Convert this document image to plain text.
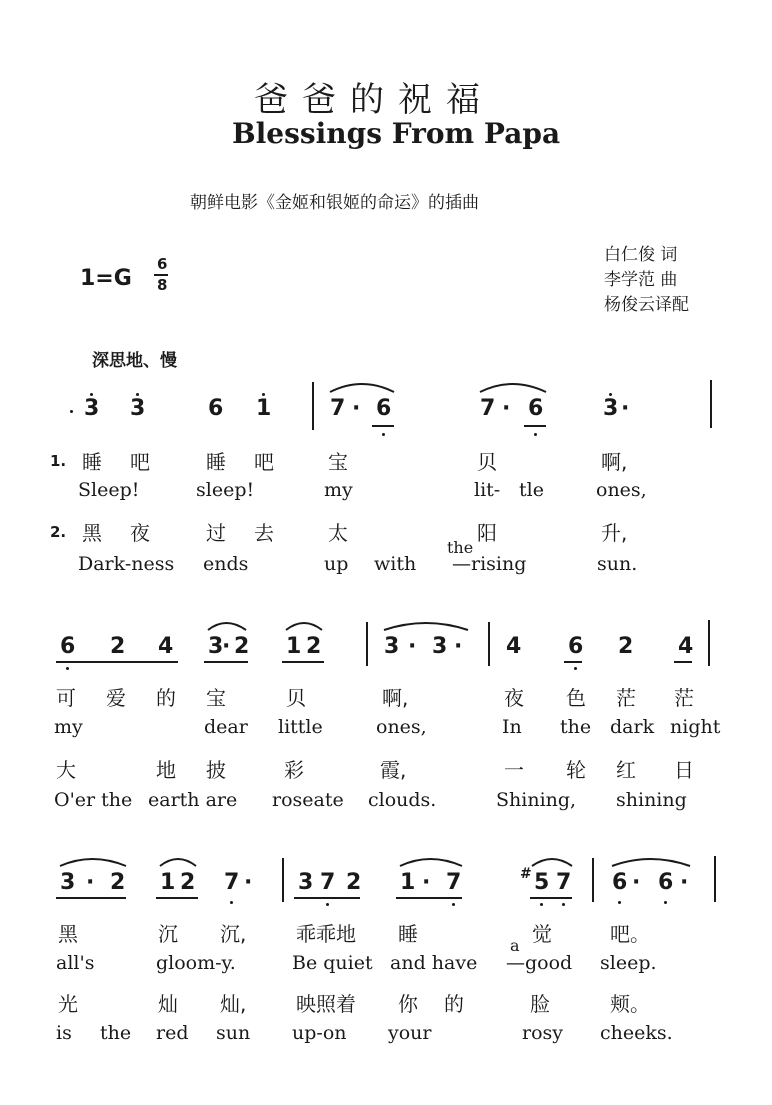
爸爸的祝福
Blessings From Papa
朝鲜电影《金姬和银姬的命运》的插曲
白仁俊 词
李学范 曲
杨俊云译配
1=G
6
8
深思地、慢
3 3	6 1	7 · 6	7 · 6	3 ·
1. 睡 吧	睡 吧	宝	贝	啊,
Sleep!	sleep!	my	lit- tle	ones,
2. 黑 夜	过 去	太	阳	升,
Dark-ness ends	up with
the
—rising	sun.
6 2 4 3
· 2 1 2	3 · 3 · 4 6 2 4
可 爱 的 宝	贝	啊,	夜 色 茫 茫
my	dear little	ones,	In the dark night
大	地 披	彩	霞,	一 轮 红 日
O'er the earth are roseate clouds.	Shining, shining
3 · 2 1 2 7 · 3 7 2 1 · 7	# 5 7 6 · 6 ·
黑	沉 沉, 乖乖地 睡	觉	吧。
all's	gloom-y.	Be quiet and have
a
—good sleep.
光	灿 灿, 映照着 你 的	脸	颊。
is the red sun up-on your	rosy cheeks.
